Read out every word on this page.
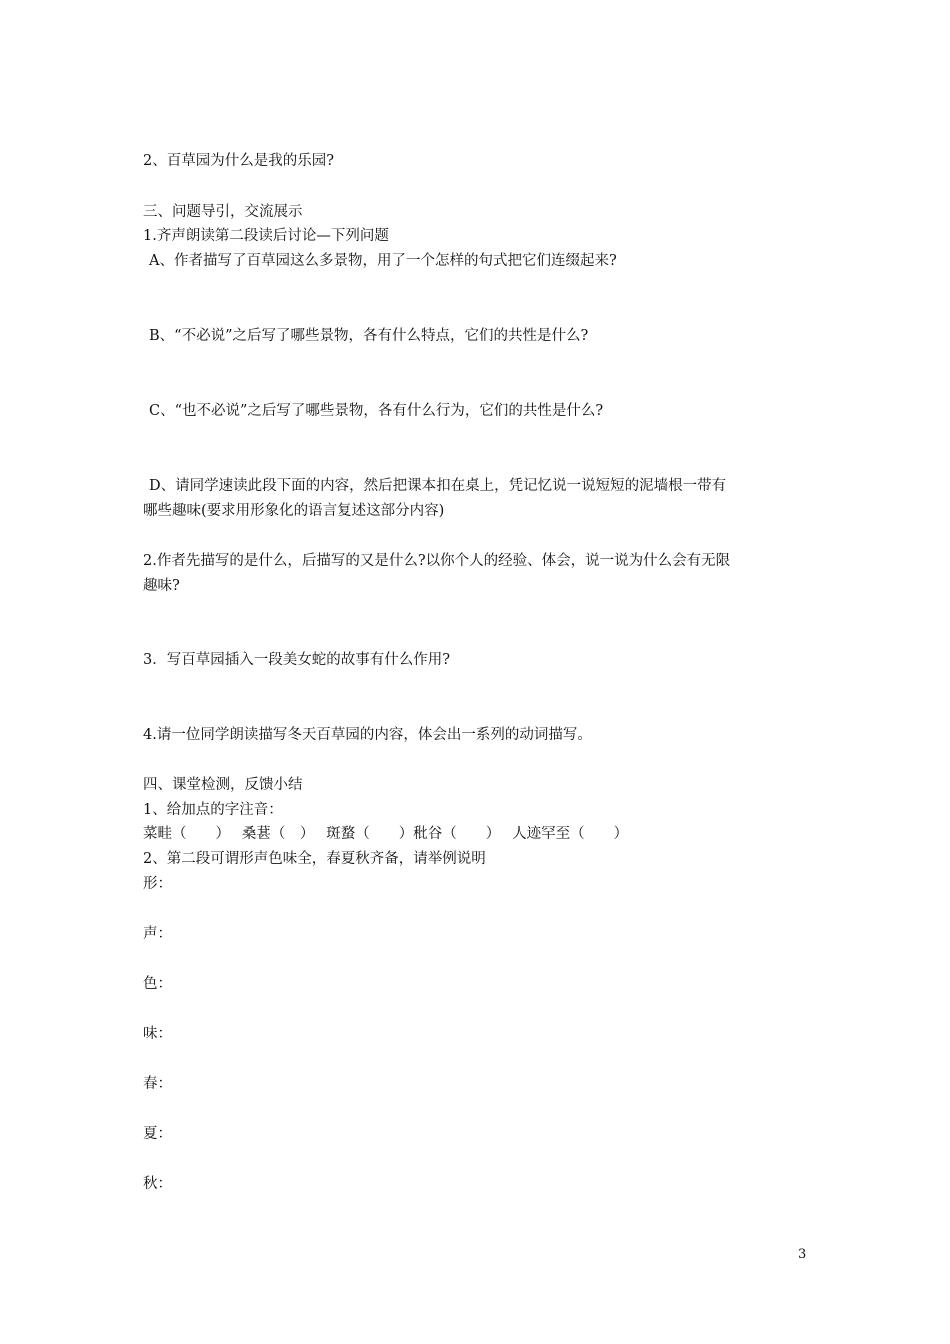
2、百草园为什么是我的乐园?
三、问题导引，交流展示
1.齐声朗读第二段读后讨论—下列问题
A、作者描写了百草园这么多景物，用了一个怎样的句式把它们连缀起来?
B、“不必说”之后写了哪些景物，各有什么特点，它们的共性是什么?
C、“也不必说”之后写了哪些景物，各有什么行为，它们的共性是什么?
D、请同学速读此段下面的内容，然后把课本扣在桌上，凭记忆说一说短短的泥墙根一带有
哪些趣味(要求用形象化的语言复述这部分内容)
2.作者先描写的是什么，后描写的又是什么?以你个人的经验、体会，说一说为什么会有无限
趣味?
3．写百草园插入一段美女蛇的故事有什么作用?
4.请一位同学朗读描写冬天百草园的内容，体会出一系列的动词描写。
四、课堂检测，反馈小结
1、给加点的字注音：
菜畦（　　）　 桑葚（　）　 斑蝥（　　）秕谷（　　）　 人迹罕至（　　）
2、第二段可谓形声色味全，春夏秋齐备，请举例说明
形：
声：
色：
味：
春：
夏：
秋：
3
